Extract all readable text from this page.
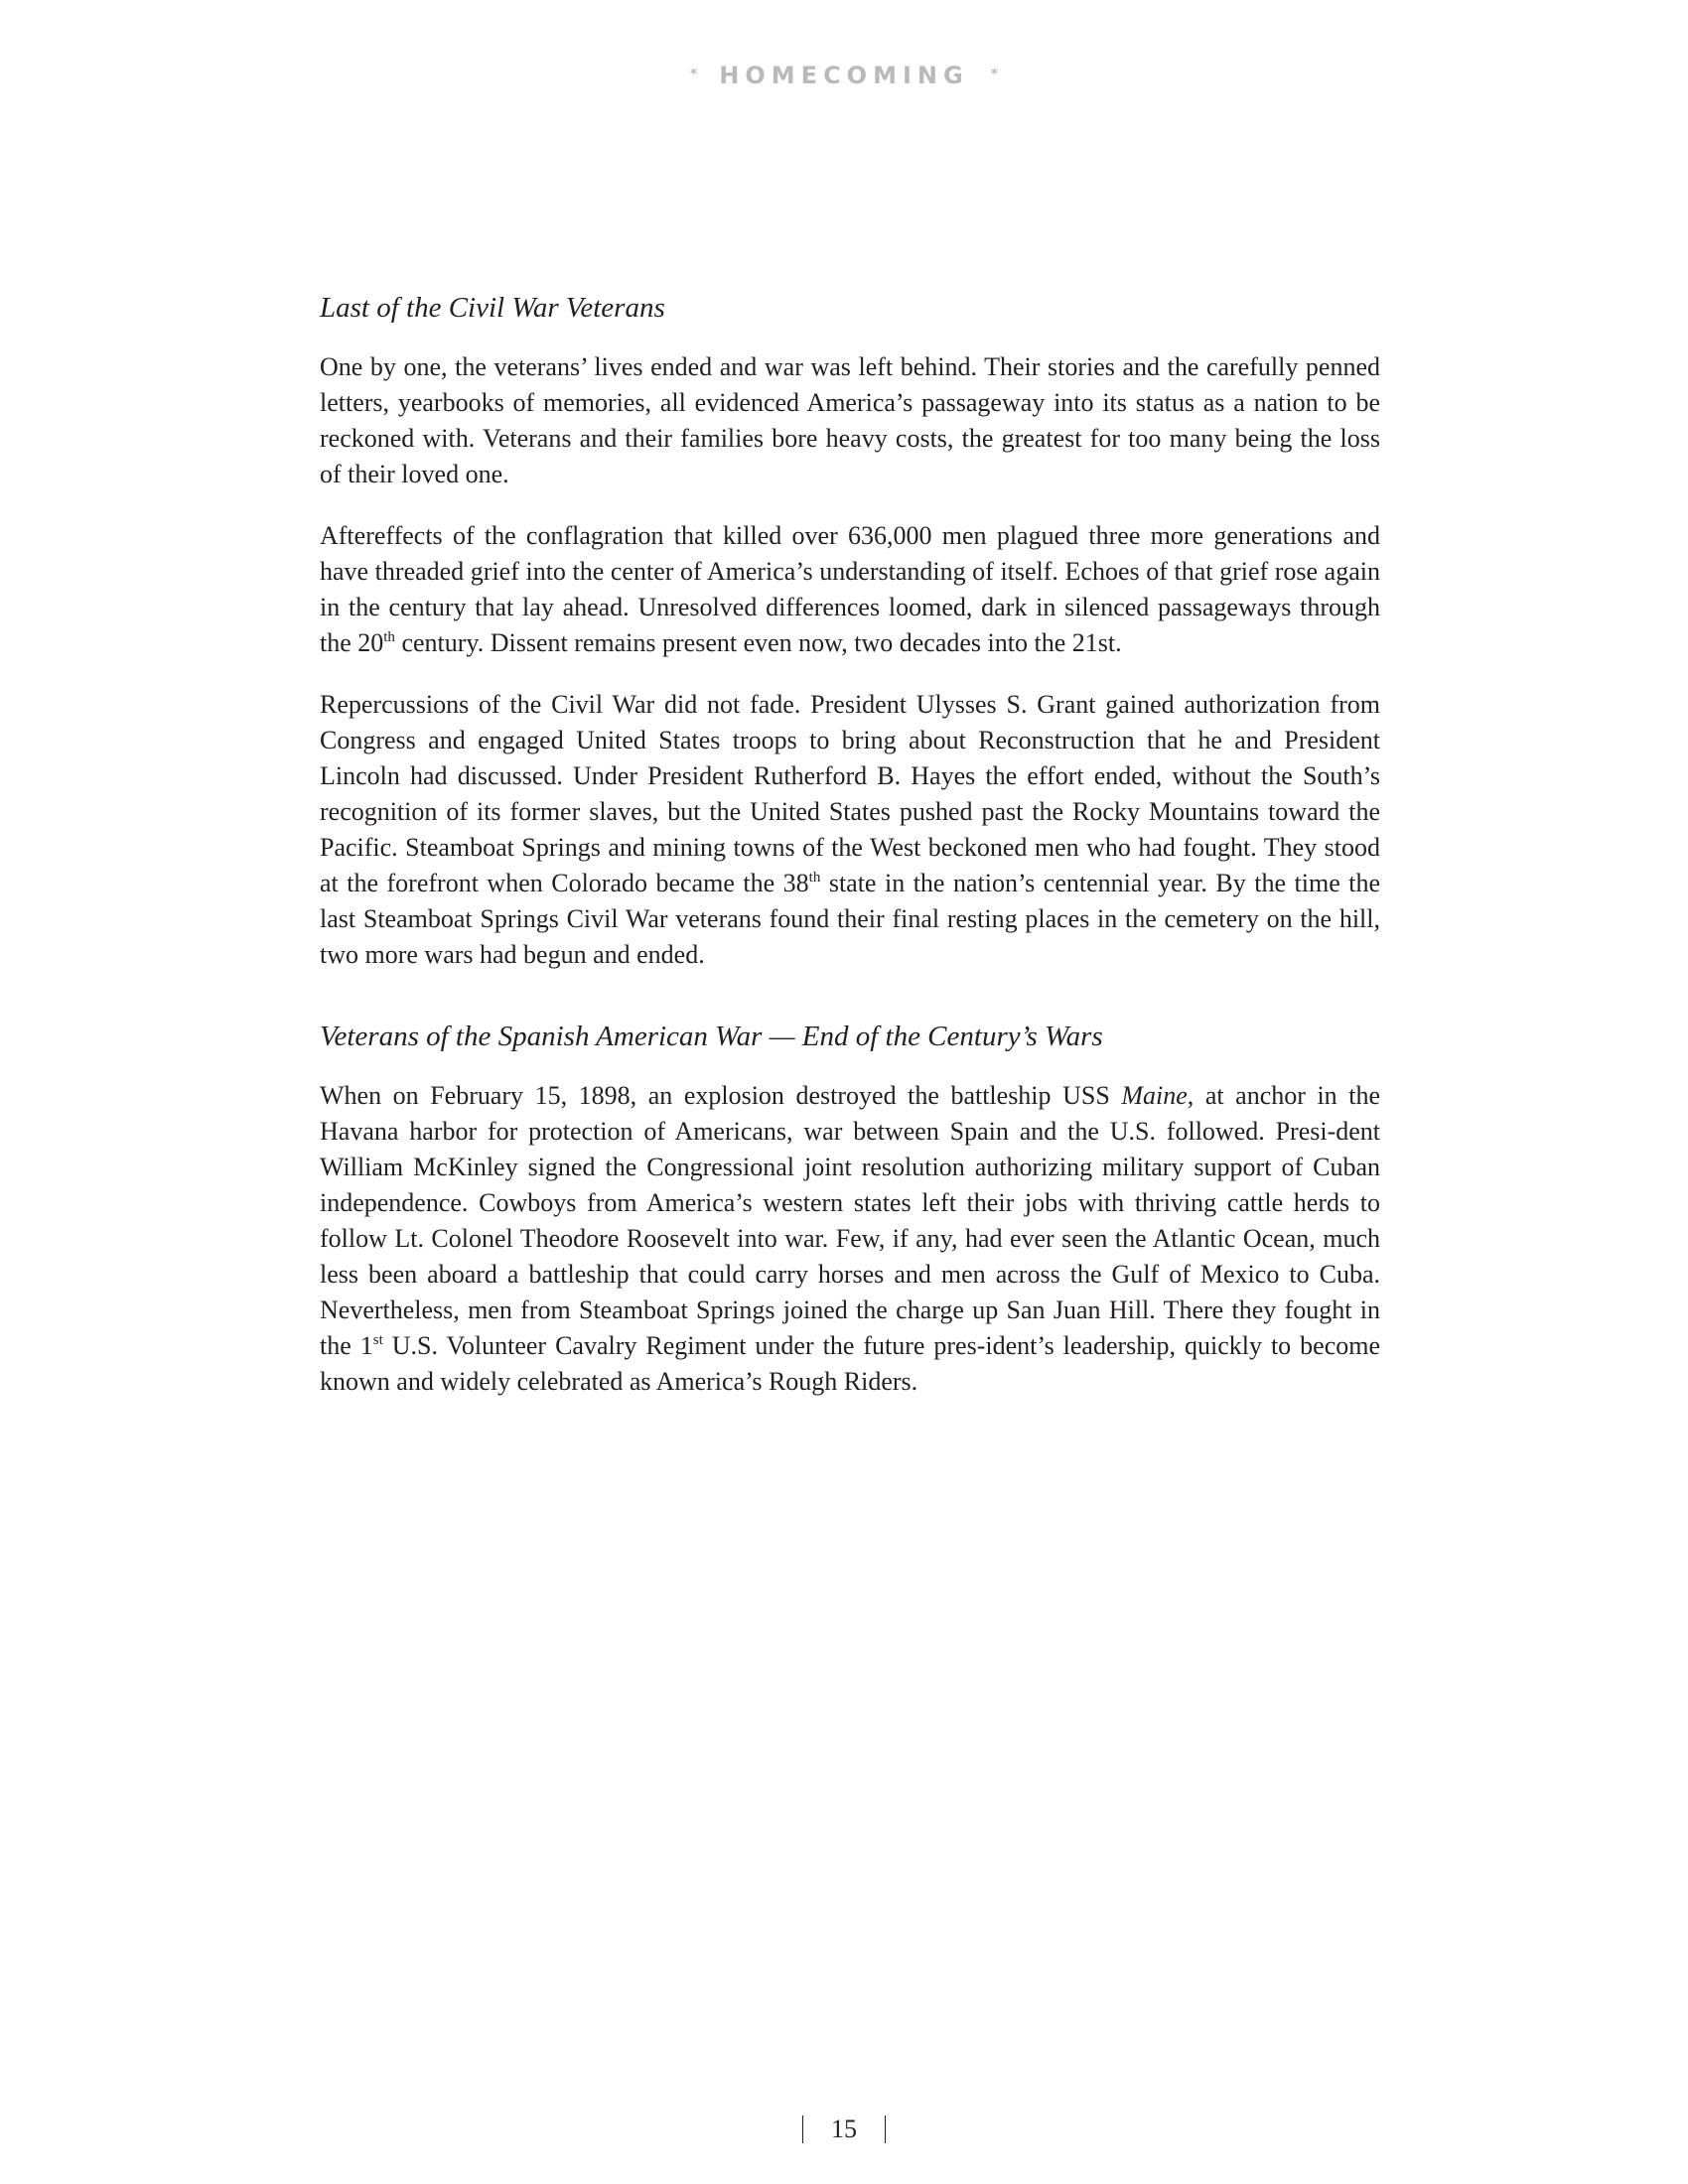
* HOMECOMING *
Last of the Civil War Veterans

One by one, the veterans’ lives ended and war was left behind. Their stories and the carefully penned letters, yearbooks of memories, all evidenced America’s passageway into its status as a nation to be reckoned with. Veterans and their families bore heavy costs, the greatest for too many being the loss of their loved one.

Aftereffects of the conflagration that killed over 636,000 men plagued three more generations and have threaded grief into the center of America’s understanding of itself. Echoes of that grief rose again in the century that lay ahead. Unresolved differences loomed, dark in silenced passageways through the 20th century. Dissent remains present even now, two decades into the 21st.

Repercussions of the Civil War did not fade. President Ulysses S. Grant gained authorization from Congress and engaged United States troops to bring about Reconstruction that he and President Lincoln had discussed. Under President Rutherford B. Hayes the effort ended, without the South’s recognition of its former slaves, but the United States pushed past the Rocky Mountains toward the Pacific. Steamboat Springs and mining towns of the West beckoned men who had fought. They stood at the forefront when Colorado became the 38th state in the nation’s centennial year. By the time the last Steamboat Springs Civil War veterans found their final resting places in the cemetery on the hill, two more wars had begun and ended.

Veterans of the Spanish American War — End of the Century’s Wars

When on February 15, 1898, an explosion destroyed the battleship USS Maine, at anchor in the Havana harbor for protection of Americans, war between Spain and the U.S. followed. Presi-dent William McKinley signed the Congressional joint resolution authorizing military support of Cuban independence. Cowboys from America’s western states left their jobs with thriving cattle herds to follow Lt. Colonel Theodore Roosevelt into war. Few, if any, had ever seen the Atlantic Ocean, much less been aboard a battleship that could carry horses and men across the Gulf of Mexico to Cuba. Nevertheless, men from Steamboat Springs joined the charge up San Juan Hill. There they fought in the 1st U.S. Volunteer Cavalry Regiment under the future pres-ident’s leadership, quickly to become known and widely celebrated as America’s Rough Riders.

15
